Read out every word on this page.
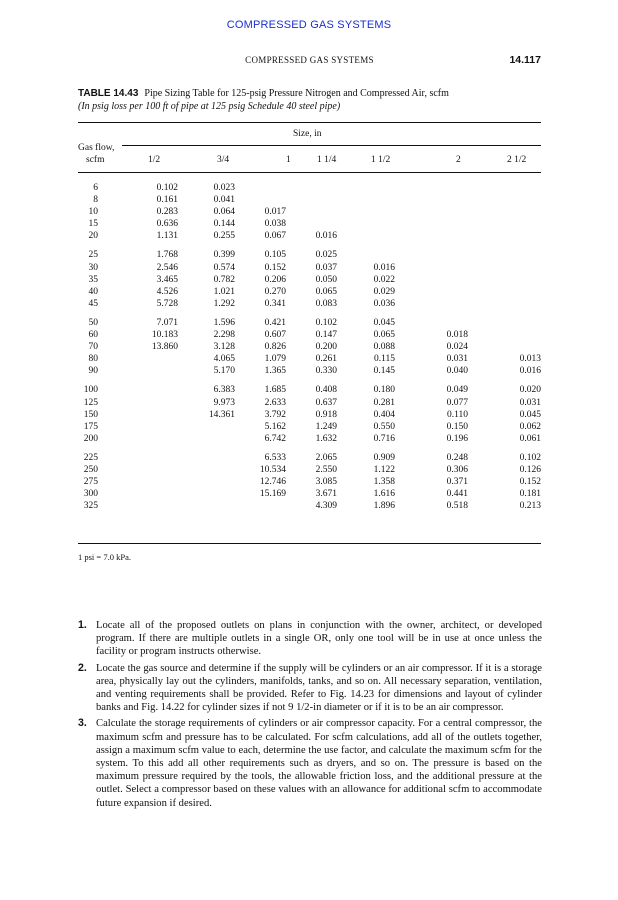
COMPRESSED GAS SYSTEMS
COMPRESSED GAS SYSTEMS	14.117
TABLE 14.43 Pipe Sizing Table for 125-psig Pressure Nitrogen and Compressed Air, scfm
(In psig loss per 100 ft of pipe at 125 psig Schedule 40 steel pipe)
Size, in
Gas flow,
scfm	1/2	3/4	1	1 1/4	1 1/2	2	2 1/2
6	0.102	0.023					
8	0.161	0.041					
10	0.283	0.064	0.017				
15	0.636	0.144	0.038				
20	1.131	0.255	0.067	0.016			
25	1.768	0.399	0.105	0.025			
30	2.546	0.574	0.152	0.037	0.016		
35	3.465	0.782	0.206	0.050	0.022		
40	4.526	1.021	0.270	0.065	0.029		
45	5.728	1.292	0.341	0.083	0.036		
50	7.071	1.596	0.421	0.102	0.045		
60	10.183	2.298	0.607	0.147	0.065	0.018	
70	13.860	3.128	0.826	0.200	0.088	0.024	
80		4.065	1.079	0.261	0.115	0.031	0.013
90		5.170	1.365	0.330	0.145	0.040	0.016
100		6.383	1.685	0.408	0.180	0.049	0.020
125		9.973	2.633	0.637	0.281	0.077	0.031
150		14.361	3.792	0.918	0.404	0.110	0.045
175			5.162	1.249	0.550	0.150	0.062
200			6.742	1.632	0.716	0.196	0.061
225			6.533	2.065	0.909	0.248	0.102
250			10.534	2.550	1.122	0.306	0.126
275			12.746	3.085	1.358	0.371	0.152
300			15.169	3.671	1.616	0.441	0.181
325				4.309	1.896	0.518	0.213
1 psi = 7.0 kPa.
1. Locate all of the proposed outlets on plans in conjunction with the owner, architect, or developed program. If there are multiple outlets in a single OR, only one tool will be in use at once unless the facility or program instructs otherwise.
2. Locate the gas source and determine if the supply will be cylinders or an air compressor. If it is a storage area, physically lay out the cylinders, manifolds, tanks, and so on. All necessary separation, ventilation, and venting requirements shall be provided. Refer to Fig. 14.23 for dimensions and layout of cylinder banks and Fig. 14.22 for cylinder sizes if not 9 1/2-in diameter or if it is to be an air compressor.
3. Calculate the storage requirements of cylinders or air compressor capacity. For a central compressor, the maximum scfm and pressure has to be calculated. For scfm calculations, add all of the outlets together, assign a maximum scfm value to each, determine the use factor, and calculate the maximum scfm for the system. To this add all other requirements such as dryers, and so on. The pressure is based on the maximum pressure required by the tools, the allowable friction loss, and the additional pressure at the outlet. Select a compressor based on these values with an allowance for additional scfm to accommodate future expansion if desired.
